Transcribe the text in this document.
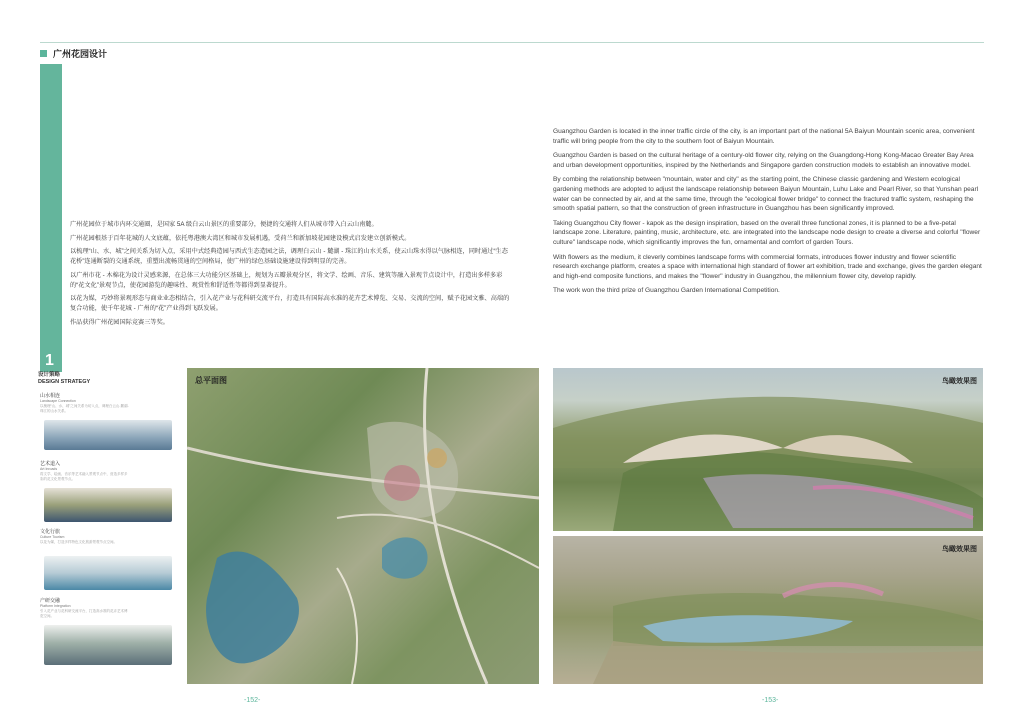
广州花园设计
1

广州花园位于城市内环交通圈，是国家 5A 级白云山景区的重要部分，便捷的交通将人们从城市带入白云山南麓。

广州花园根基于百年花城的人文底蕴，依托粤港澳大湾区和城市发展机遇，受荷兰和新加坡花园建设模式启发建立创新模式。

以梳理“山、水、城”之间关系为切入点，采用中式经典造园与西式生态造园之法，调理白云山 - 麓湖 - 珠江的山水关系，使云山珠水得以气脉相连，同时通过“生态花桥”连通断裂的交通系统，重塑出流畅贯通的空间格局，使广州的绿色基础设施建设得到明显的完善。

以广州市花 - 木棉花为设计灵感来源，在总体三大功能分区基础上，规划为五瓣景观分区，将文学、绘画、音乐、建筑等融入景观节点设计中，打造出多样多彩的“花文化”景观节点，使花园游览的趣味性、观赏性和舒适性等都得到显著提升。

以花为媒，巧妙将景观形态与商业业态相结合，引入花产业与花科研交流平台，打造具有国际高水准的花卉艺术博览、交易、交流的空间，赋予花园文雅、高端的复合功能，使千年花城 - 广州的“花”产业得到飞跃发展。

作品获得广州花园国际竞赛三等奖。

Guangzhou Garden is located in the inner traffic circle of the city, is an important part of the national 5A Baiyun Mountain scenic area, convenient traffic will bring people from the city to the southern foot of Baiyun Mountain.

Guangzhou Garden is based on the cultural heritage of a century-old flower city, relying on the Guangdong-Hong Kong-Macao Greater Bay Area and urban development opportunities, inspired by the Netherlands and Singapore garden construction models to establish an innovative model.

By combing the relationship between "mountain, water and city" as the starting point, the Chinese classic gardening and Western ecological gardening methods are adopted to adjust the landscape relationship between Baiyun Mountain, Luhu Lake and Pearl River, so that Yunshan pearl water can be connected by air, and at the same time, through the "ecological flower bridge" to connect the fractured traffic system, reshaping the smooth spatial pattern, so that the construction of green infrastructure in Guangzhou has been significantly improved.

Taking Guangzhou City flower - kapok as the design inspiration, based on the overall three functional zones, it is planned to be a five-petal landscape zone. Literature, painting, music, architecture, etc. are integrated into the landscape node design to create a diverse and colorful "flower culture" landscape node, which significantly improves the fun, ornamental and comfort of garden Tours.

With flowers as the medium, it cleverly combines landscape forms with commercial formats, introduces flower industry and flower scientific research exchange platform, creates a space with international high standard of flower art exhibition, trade and exchange, gives the garden elegant and high-end composite functions, and makes the "flower" industry in Guangzhou, the millennium flower city, develop rapidly.

The work won the third prize of Guangzhou Garden International Competition.

设计策略
DESIGN STRATEGY
山水相连
Landscape Connection
以梳理“山、水、城”之间关系为切入点，调理白云山-麓湖-珠江的山水关系。
艺术道入
Art Inroads
将文学、绘画、音乐等艺术融入景观节点中，营造多样多彩的花文化景观节点。
文化行旅
Culture Tourism
以花为媒，打造多样特色文化旅游景观节点空间。
产研交融
Platform Integration
引入花产业与花科研交流平台，打造高水准的花卉艺术博览空间。
总平面图	鸟瞰效果图
鸟瞰效果图
-152-	-153-
